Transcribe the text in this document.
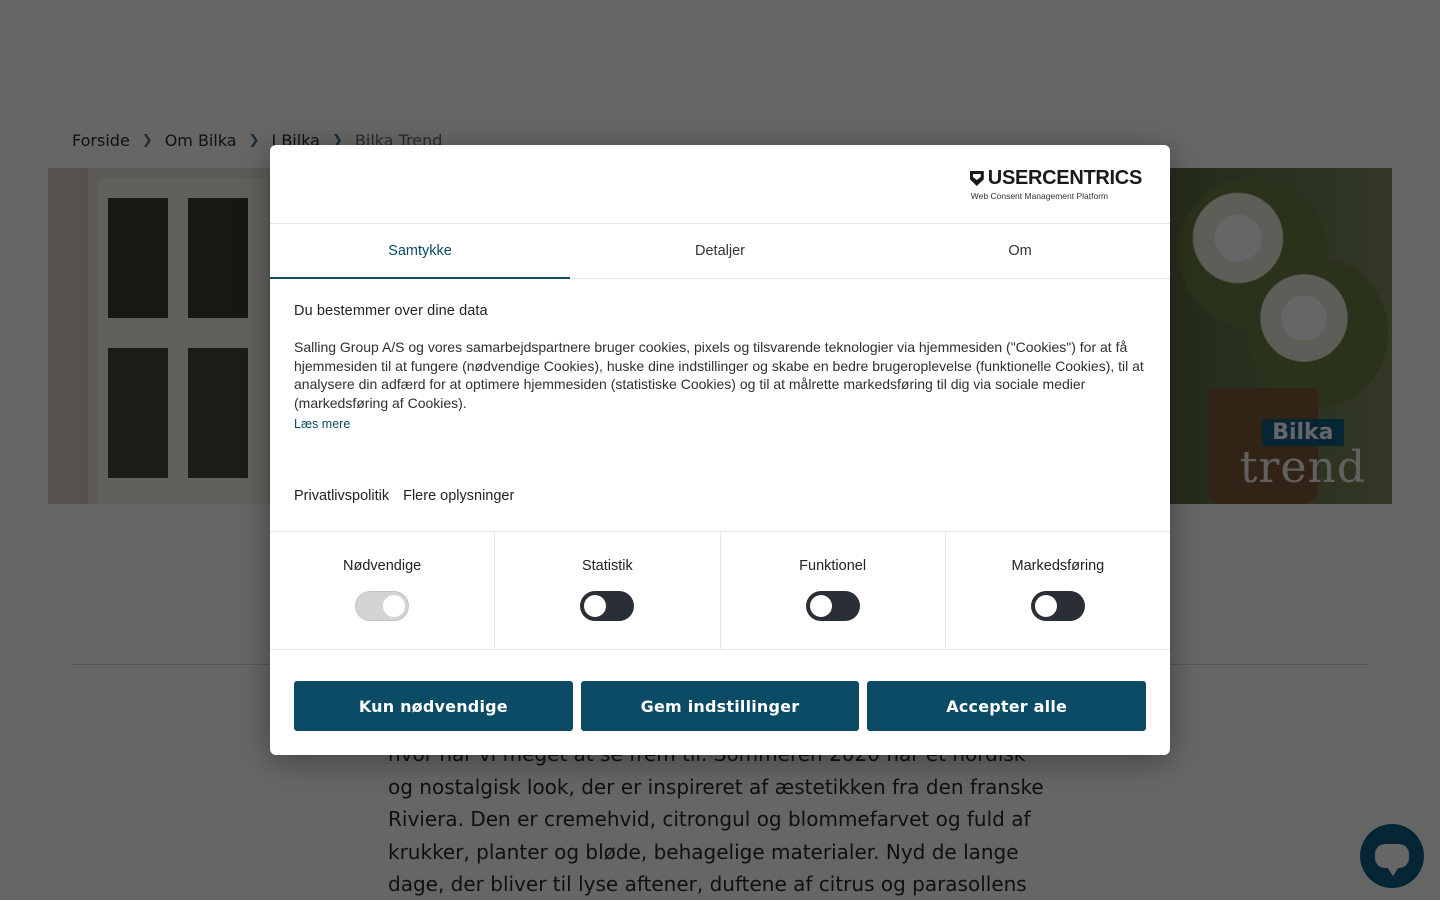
USERCENTRICS
Web Consent Management Platform
Samtykke	Detaljer	Om
Du bestemmer over dine data

Salling Group A/S og vores samarbejdspartnere bruger cookies, pixels og tilsvarende teknologier via hjemmesiden ("Cookies") for at få hjemmesiden til at fungere (nødvendige Cookies), huske dine indstillinger og skabe en bedre brugeroplevelse (funktionelle Cookies), til at analysere din adfærd for at optimere hjemmesiden (statistiske Cookies) og til at målrette markedsføring til dig via sociale medier (markedsføring af Cookies).

Læs mere
Privatlivspolitik Flere oplysninger
Nødvendige	Statistik	Funktionel	Markedsføring
Kun nødvendige	Gem indstillinger	Accepter alle
